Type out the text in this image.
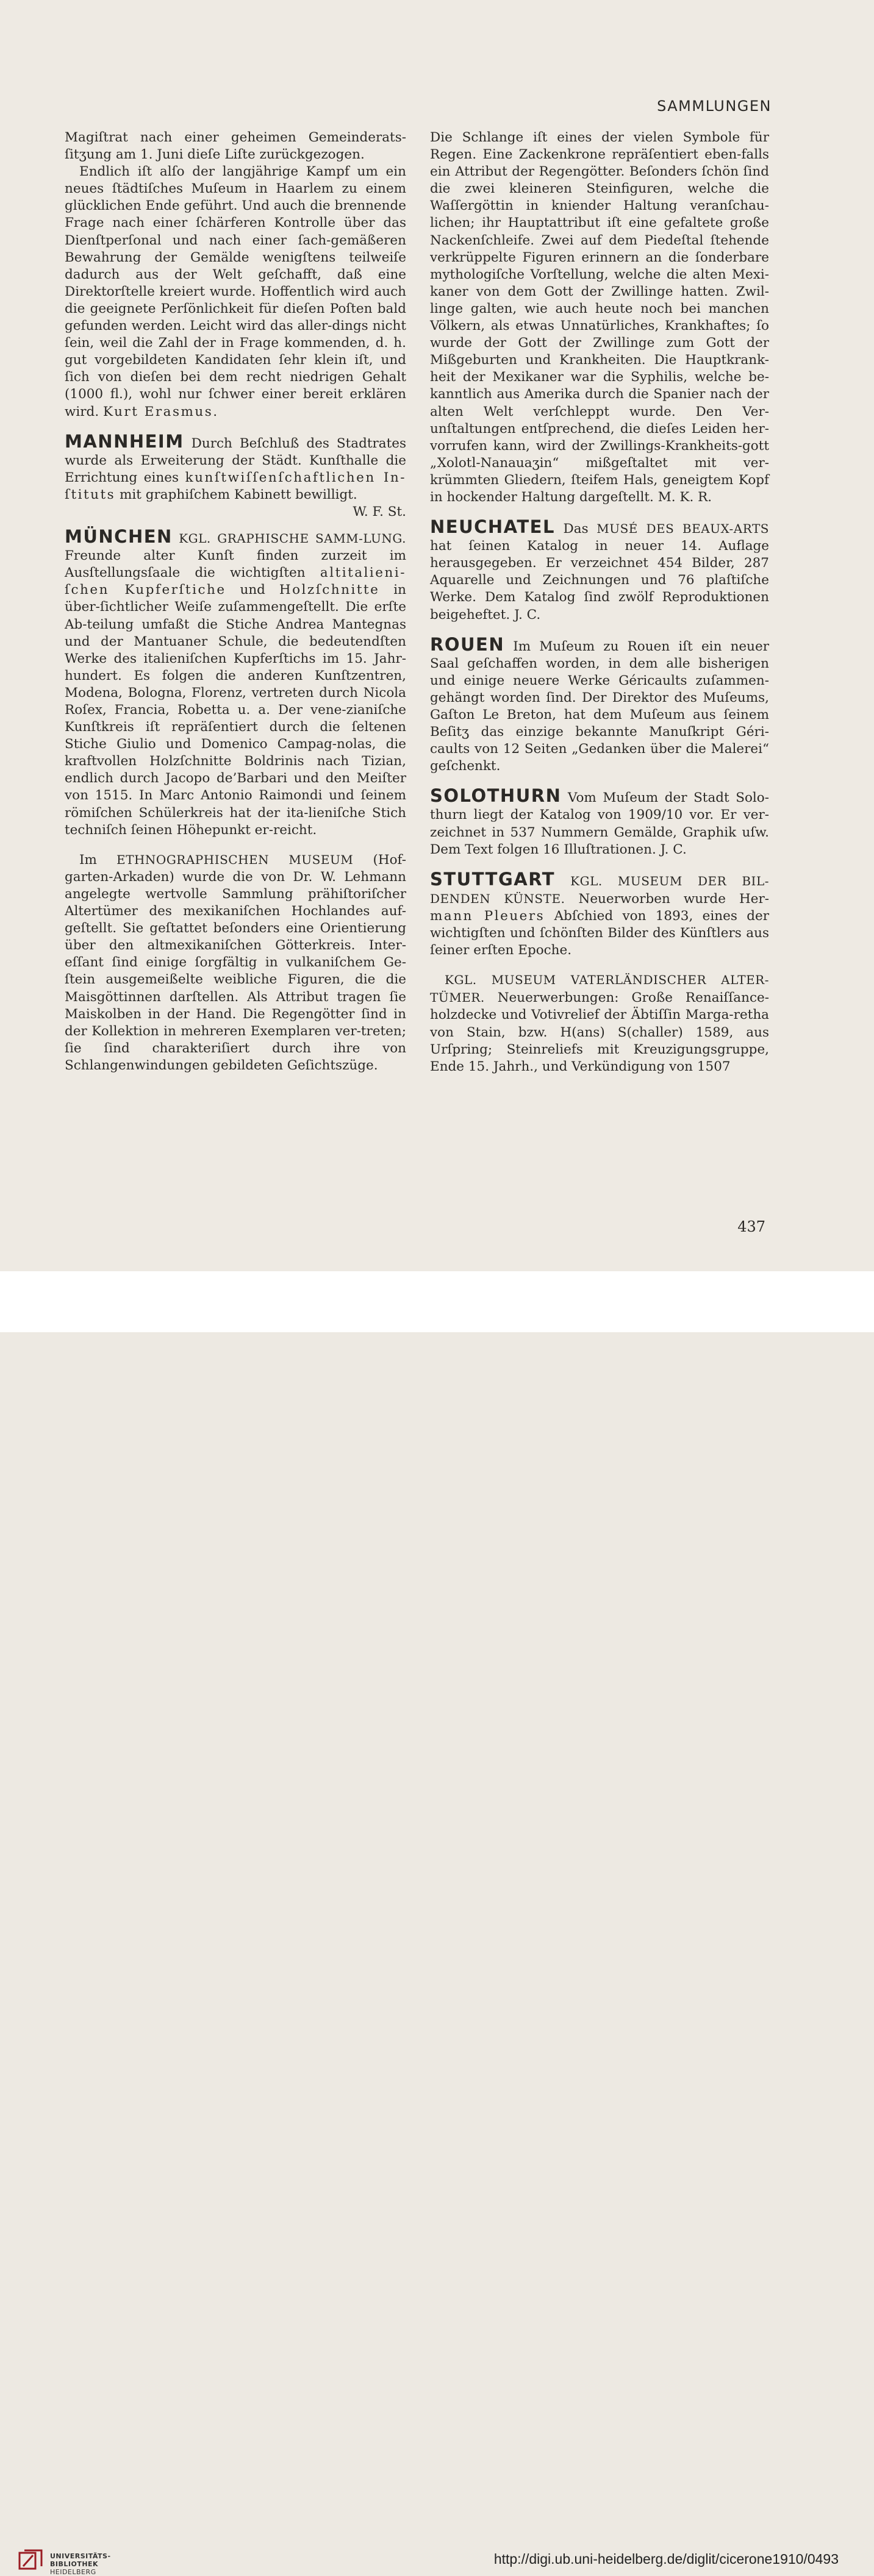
SAMMLUNGEN

Magiſtrat nach einer geheimen Gemeinderats-ſitʒung am 1. Juni dieſe Liſte zurückgezogen.

Endlich iſt alſo der langjährige Kampf um ein neues ſtädtiſches Muſeum in Haarlem zu einem glücklichen Ende geführt. Und auch die brennende Frage nach einer ſchärferen Kontrolle über das Dienſtperſonal und nach einer ſach-gemäßeren Bewahrung der Gemälde wenigſtens teilweiſe dadurch aus der Welt geſchafft, daß eine Direktorſtelle kreiert wurde. Hoffentlich wird auch die geeignete Perſönlichkeit für dieſen Poſten bald gefunden werden. Leicht wird das aller-dings nicht ſein, weil die Zahl der in Frage kommenden, d. h. gut vorgebildeten Kandidaten ſehr klein iſt, und ſich von dieſen bei dem recht niedrigen Gehalt (1000 fl.), wohl nur ſchwer einer bereit erklären wird. Kurt Erasmus.

MANNHEIM Durch Beſchluß des Stadtrates wurde als Erweiterung der Städt. Kunſthalle die Errichtung eines kunſtwiſſenſchaftlichen In-ſtituts mit graphiſchem Kabinett bewilligt.

W. F. St.

MÜNCHEN KGL. GRAPHISCHE SAMM-LUNG. Freunde alter Kunſt finden zurzeit im Ausſtellungsſaale die wichtigſten altitalieni-ſchen Kupferſtiche und Holzſchnitte in über-ſichtlicher Weiſe zuſammengeſtellt. Die erſte Ab-teilung umfaßt die Stiche Andrea Mantegnas und der Mantuaner Schule, die bedeutendſten Werke des italieniſchen Kupferſtichs im 15. Jahr-hundert. Es folgen die anderen Kunſtzentren, Modena, Bologna, Florenz, vertreten durch Nicola Roſex, Francia, Robetta u. a. Der vene-zianiſche Kunſtkreis iſt repräſentiert durch die ſeltenen Stiche Giulio und Domenico Campag-nolas, die kraftvollen Holzſchnitte Boldrinis nach Tizian, endlich durch Jacopo de’Barbari und den Meiſter von 1515. In Marc Antonio Raimondi und ſeinem römiſchen Schülerkreis hat der ita-lieniſche Stich techniſch ſeinen Höhepunkt er-reicht.

Im ETHNOGRAPHISCHEN MUSEUM (Hof-garten-Arkaden) wurde die von Dr. W. Lehmann angelegte wertvolle Sammlung prähiſtoriſcher Altertümer des mexikaniſchen Hochlandes auf-geſtellt. Sie geſtattet beſonders eine Orientierung über den altmexikaniſchen Götterkreis. Inter-eſſant ſind einige ſorgfältig in vulkaniſchem Ge-ſtein ausgemeißelte weibliche Figuren, die die Maisgöttinnen darſtellen. Als Attribut tragen ſie Maiskolben in der Hand. Die Regengötter ſind in der Kollektion in mehreren Exemplaren ver-treten; ſie ſind charakteriſiert durch ihre von Schlangenwindungen gebildeten Geſichtszüge.

Die Schlange iſt eines der vielen Symbole für Regen. Eine Zackenkrone repräſentiert eben-falls ein Attribut der Regengötter. Beſonders ſchön ſind die zwei kleineren Steinfiguren, welche die Waſſergöttin in kniender Haltung veranſchau-lichen; ihr Hauptattribut iſt eine gefaltete große Nackenſchleife. Zwei auf dem Piedeſtal ſtehende verkrüppelte Figuren erinnern an die ſonderbare mythologiſche Vorſtellung, welche die alten Mexi-kaner von dem Gott der Zwillinge hatten. Zwil-linge galten, wie auch heute noch bei manchen Völkern, als etwas Unnatürliches, Krankhaftes; ſo wurde der Gott der Zwillinge zum Gott der Mißgeburten und Krankheiten. Die Hauptkrank-heit der Mexikaner war die Syphilis, welche be-kanntlich aus Amerika durch die Spanier nach der alten Welt verſchleppt wurde. Den Ver-unſtaltungen entſprechend, die dieſes Leiden her-vorrufen kann, wird der Zwillings-Krankheits-gott „Xolotl-Nanauaʒin“ mißgeſtaltet mit ver-krümmten Gliedern, ſteifem Hals, geneigtem Kopf in hockender Haltung dargeſtellt. M. K. R.

NEUCHATEL Das MUSÉ DES BEAUX-ARTS hat ſeinen Katalog in neuer 14. Auflage herausgegeben. Er verzeichnet 454 Bilder, 287 Aquarelle und Zeichnungen und 76 plaſtiſche Werke. Dem Katalog ſind zwölf Reproduktionen beigeheftet. J. C.

ROUEN Im Muſeum zu Rouen iſt ein neuer Saal geſchaffen worden, in dem alle bisherigen und einige neuere Werke Géricaults zuſammen-gehängt worden ſind. Der Direktor des Muſeums, Gaſton Le Breton, hat dem Muſeum aus ſeinem Beſitʒ das einzige bekannte Manuſkript Géri-caults von 12 Seiten „Gedanken über die Malerei“ geſchenkt.

SOLOTHURN Vom Muſeum der Stadt Solo-thurn liegt der Katalog von 1909/10 vor. Er ver-zeichnet in 537 Nummern Gemälde, Graphik uſw. Dem Text folgen 16 Illuſtrationen. J. C.

STUTTGART KGL. MUSEUM DER BIL-DENDEN KÜNSTE. Neuerworben wurde Her- mann Pleuers Abſchied von 1893, eines der wichtigſten und ſchönſten Bilder des Künſtlers aus ſeiner erſten Epoche.

KGL. MUSEUM VATERLÄNDISCHER ALTER-TÜMER. Neuerwerbungen: Große Renaiſſance-holzdecke und Votivrelief der Äbtiſſin Marga-retha von Stain, bzw. H(ans) S(challer) 1589, aus Urſpring; Steinreliefs mit Kreuzigungsgruppe, Ende 15. Jahrh., und Verkündigung von 1507

437
UNIVERSITÄTS-
BIBLIOTHEK
HEIDELBERG
http://digi.ub.uni-heidelberg.de/diglit/cicerone1910/0493
